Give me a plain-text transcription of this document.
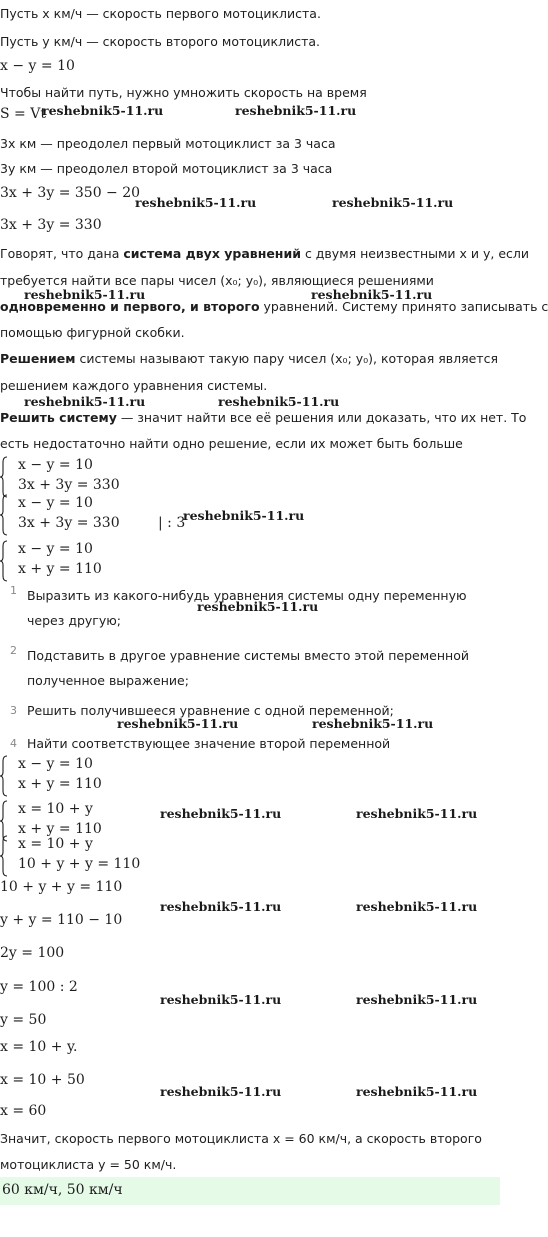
Пусть x км/ч — скорость первого мотоциклиста.
Пусть y км/ч — скорость второго мотоциклиста.
x − y = 10
Чтобы найти путь, нужно умножить скорость на время
S = Vt
3x км — преодолел первый мотоциклист за 3 часа
3y км — преодолел второй мотоциклист за 3 часа
3x + 3y = 350 − 20
3x + 3y = 330
Говорят, что дана система двух уравнений с двумя неизвестными x и y, если
требуется найти все пары чисел (x₀; y₀), являющиеся решениями
одновременно и первого, и второго уравнений. Систему принято записывать с
помощью фигурной скобки.
Решением системы называют такую пару чисел (x₀; y₀), которая является
решением каждого уравнения системы.
Решить систему — значит найти все её решения или доказать, что их нет. То
есть недостаточно найти одно решение, если их может быть больше
x − y = 10
3x + 3y = 330
x − y = 10
3x + 3y = 330	| : 3
x − y = 10
x + y = 110
1 Выразить из какого-нибудь уравнения системы одну переменную через другую;
2 Подставить в другое уравнение системы вместо этой переменной полученное выражение;
3 Решить получившееся уравнение с одной переменной;
4 Найти соответствующее значение второй переменной
x − y = 10
x + y = 110
x = 10 + y
x + y = 110
x = 10 + y
10 + y + y = 110
10 + y + y = 110
y + y = 110 − 10
2y = 100
y = 100 : 2
y = 50
x = 10 + y.
x = 10 + 50
x = 60
Значит, скорость первого мотоциклиста x = 60 км/ч, а скорость второго
мотоциклиста y = 50 км/ч.
60 км/ч, 50 км/ч
reshebnik5-11.ru	reshebnik5-11.ru
reshebnik5-11.ru	reshebnik5-11.ru
reshebnik5-11.ru	reshebnik5-11.ru
reshebnik5-11.ru	reshebnik5-11.ru
reshebnik5-11.ru
reshebnik5-11.ru
reshebnik5-11.ru	reshebnik5-11.ru
reshebnik5-11.ru	reshebnik5-11.ru
reshebnik5-11.ru	reshebnik5-11.ru
reshebnik5-11.ru	reshebnik5-11.ru
reshebnik5-11.ru	reshebnik5-11.ru
